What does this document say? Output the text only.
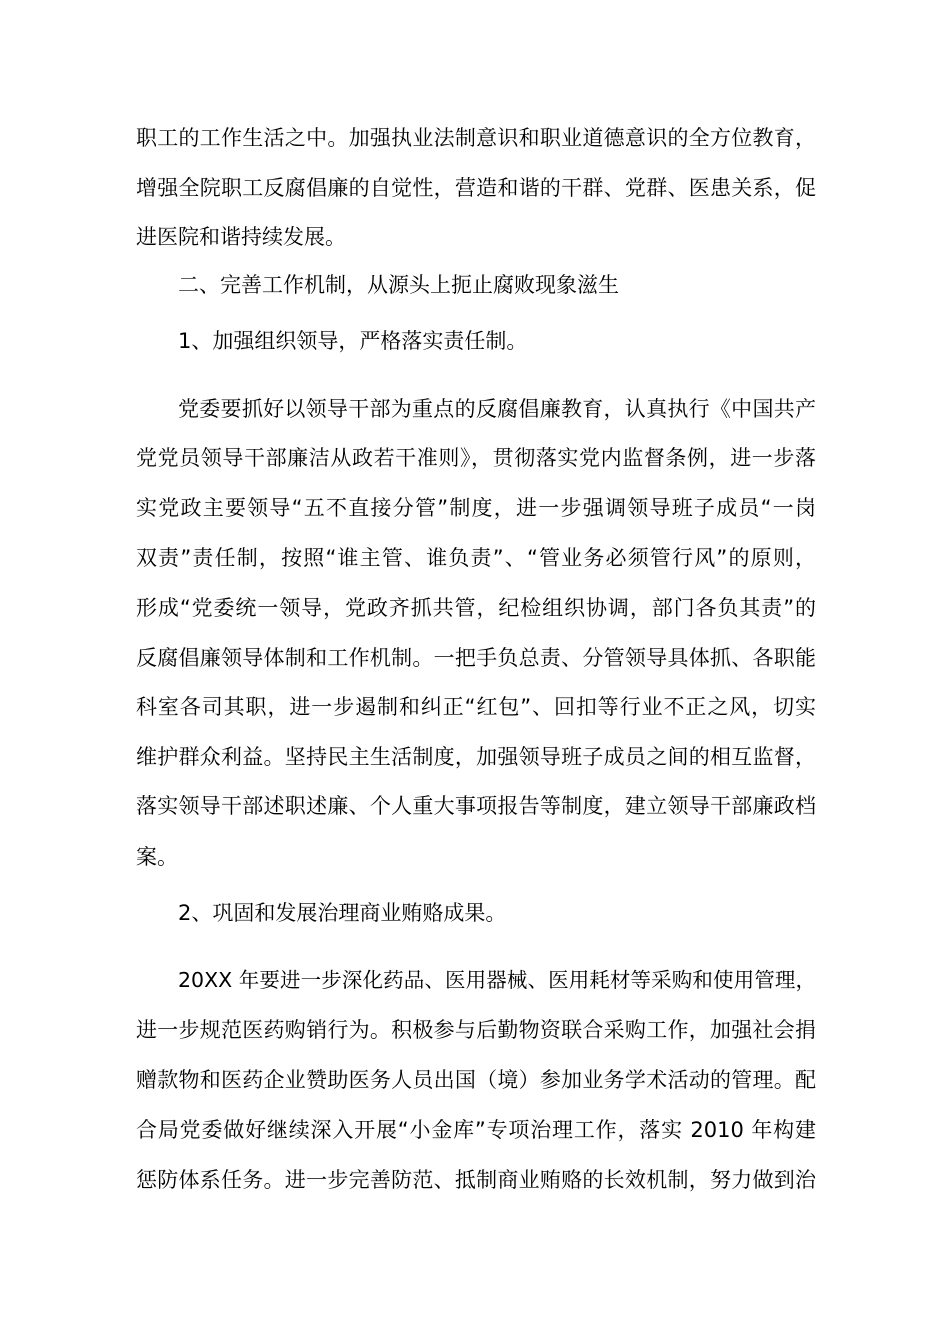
职工的工作生活之中。加强执业法制意识和职业道德意识的全方位教育，
增强全院职工反腐倡廉的自觉性，营造和谐的干群、党群、医患关系，促
进医院和谐持续发展。
二、完善工作机制，从源头上扼止腐败现象滋生
1、加强组织领导，严格落实责任制。
党委要抓好以领导干部为重点的反腐倡廉教育，认真执行《中国共产
党党员领导干部廉洁从政若干准则》，贯彻落实党内监督条例，进一步落
实党政主要领导“五不直接分管”制度，进一步强调领导班子成员“一岗
双责”责任制，按照“谁主管、谁负责”、“管业务必须管行风”的原则，
形成“党委统一领导，党政齐抓共管，纪检组织协调，部门各负其责”的
反腐倡廉领导体制和工作机制。一把手负总责、分管领导具体抓、各职能
科室各司其职，进一步遏制和纠正“红包”、回扣等行业不正之风，切实
维护群众利益。坚持民主生活制度，加强领导班子成员之间的相互监督，
落实领导干部述职述廉、个人重大事项报告等制度，建立领导干部廉政档
案。
2、巩固和发展治理商业贿赂成果。
20XX 年要进一步深化药品、医用器械、医用耗材等采购和使用管理，
进一步规范医药购销行为。积极参与后勤物资联合采购工作，加强社会捐
赠款物和医药企业赞助医务人员出国（境）参加业务学术活动的管理。配
合局党委做好继续深入开展“小金库”专项治理工作，落实 2010 年构建
惩防体系任务。进一步完善防范、抵制商业贿赂的长效机制，努力做到治
